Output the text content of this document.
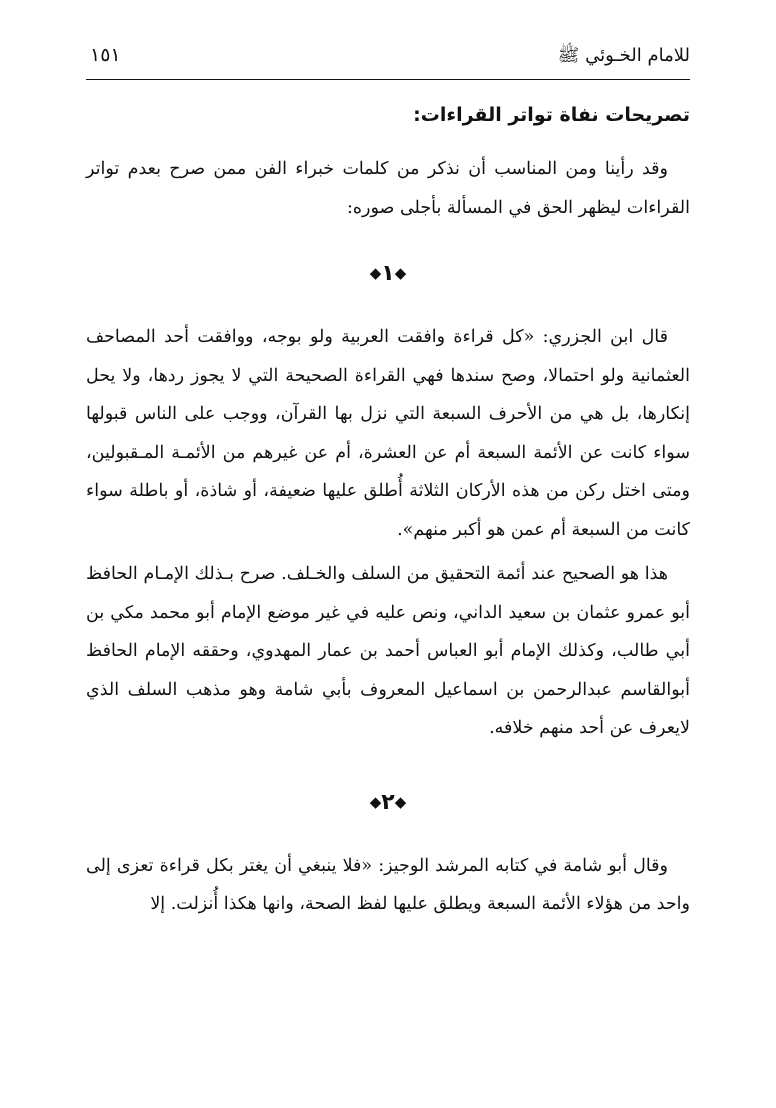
١٥١	للامام الخـوئي ﷺ
تصريحات نفاة تواتر القراءات:

وقد رأينا ومن المناسب أن نذكر من كلمات خبراء الفن ممن صرح بعدم تواتر القراءات ليظهر الحق في المسألة بأجلى صوره:

◆١◆

قال ابن الجزري: «كل قراءة وافقت العربية ولو بوجه، ووافقت أحد المصاحف العثمانية ولو احتمالا، وصح سندها فهي القراءة الصحيحة التي لا يجوز ردها، ولا يحل إنكارها، بل هي من الأحرف السبعة التي نزل بها القرآن، ووجب على الناس قبولها سواء كانت عن الأئمة السبعة أم عن العشرة، أم عن غيرهم من الأئمـة المـقبولين، ومتى اختل ركن من هذه الأركان الثلاثة أُطلق عليها ضعيفة، أو شاذة، أو باطلة سواء كانت من السبعة أم عمن هو أكبر منهم».

هذا هو الصحيح عند أئمة التحقيق من السلف والخـلف. صرح بـذلك الإمـام الحافظ أبو عمرو عثمان بن سعيد الداني، ونص عليه في غير موضع الإمام أبو محمد مكي بن أبي طالب، وكذلك الإمام أبو العباس أحمد بن عمار المهدوي، وحققه الإمام الحافظ أبوالقاسم عبدالرحمن بن اسماعيل المعروف بأبي شامة وهو مذهب السلف الذي لايعرف عن أحد منهم خلافه.

◆٢◆

وقال أبو شامة في كتابه المرشد الوجيز: «فلا ينبغي أن يغتر بكل قراءة تعزى إلى واحد من هؤلاء الأئمة السبعة ويطلق عليها لفظ الصحة، وانها هكذا أُنزلت. إلا
